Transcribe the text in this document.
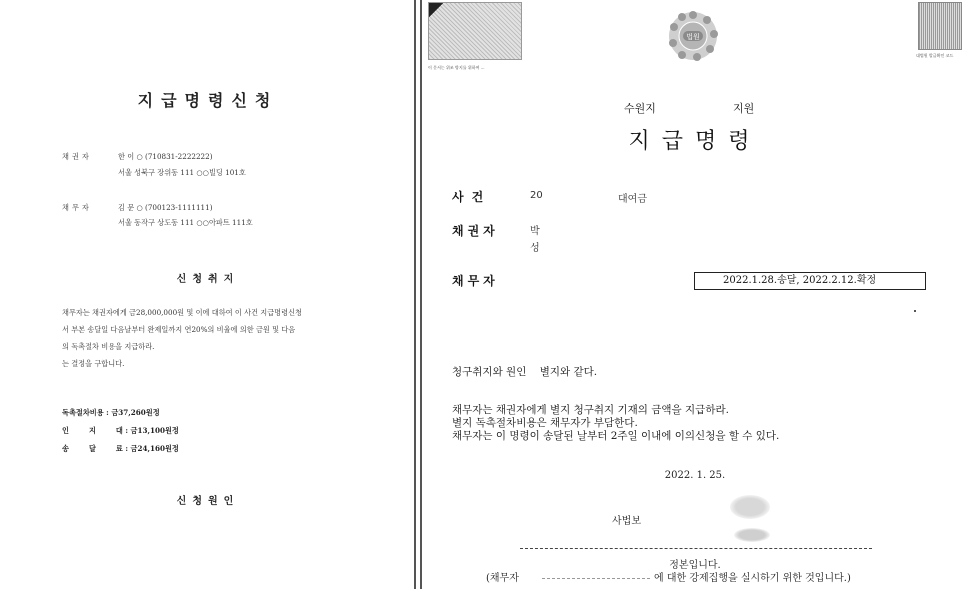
지급명령신청
채권자	한 이 ○ (710831-2222222)
서울 성북구 장위동 111 ○○빌딩 101호
채무자	김 문 ○ (700123-1111111)
서울 동작구 상도동 111 ○○아파트 111호
신청취지
채무자는 채권자에게 금28,000,000원 및 이에 대하여 이 사건 지급명령신청
서 부본 송달일 다음날부터 완제일까지 연20%의 비율에 의한 금원 및 다음
의 독촉절차 비용을 지급하라.
는 결정을 구합니다.
독촉절차비용 : 금37,260원정
인        지        대 : 금13,100원정
송        달        료 : 금24,160원정
신청원인
이 문서는 위조 방지를 위하여 ...
법원
대법원 발급확인 코드
수원지	지원
지급명령
사건	20	대여금
채권자	박
성
채무자	2022.1.28.송달, 2022.2.12.확정
청구취지와 원인    별지와 같다.
채무자는 채권자에게 별지 청구취지 기재의 금액을 지급하라.
별지 독촉절차비용은 채무자가 부담한다.
채무자는 이 명령이 송달된 날부터 2주일 이내에 이의신청을 할 수 있다.
2022. 1. 25.
사법보
정본입니다.
(채무자	에 대한 강제집행을 실시하기 위한 것입니다.)
